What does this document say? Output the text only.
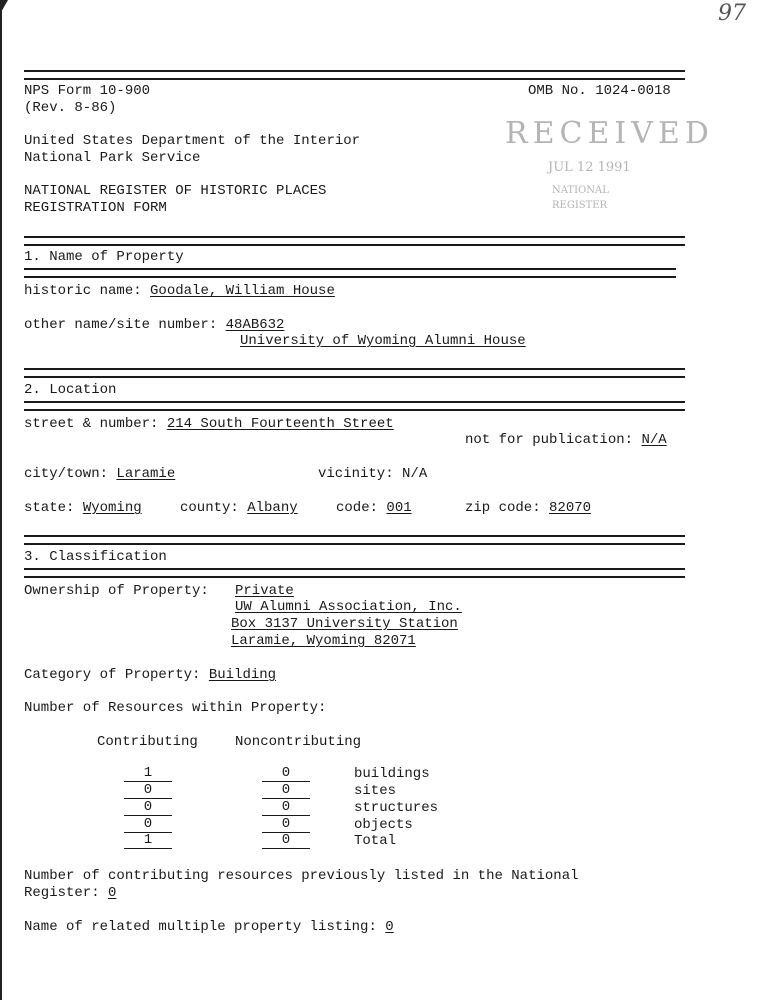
97
NPS Form 10-900
(Rev. 8-86)
OMB No. 1024-0018
United States Department of the Interior
National Park Service
NATIONAL REGISTER OF HISTORIC PLACES
REGISTRATION FORM
RECEIVED
JUL 12 1991
NATIONAL
REGISTER
1. Name of Property
historic name: Goodale, William House
other name/site number: 48AB632
University of Wyoming Alumni House
2. Location
street & number: 214 South Fourteenth Street
not for publication: N/A
city/town: Laramie	vicinity: N/A
state: Wyoming	county: Albany	code: 001	zip code: 82070
3. Classification
Ownership of Property: Private
UW Alumni Association, Inc.
Box 3137 University Station
Laramie, Wyoming 82071
Category of Property: Building
Number of Resources within Property:
Contributing	Noncontributing
1	0	buildings
0	0	sites
0	0	structures
0	0	objects
1	0	Total
Number of contributing resources previously listed in the National
Register: 0
Name of related multiple property listing: 0
